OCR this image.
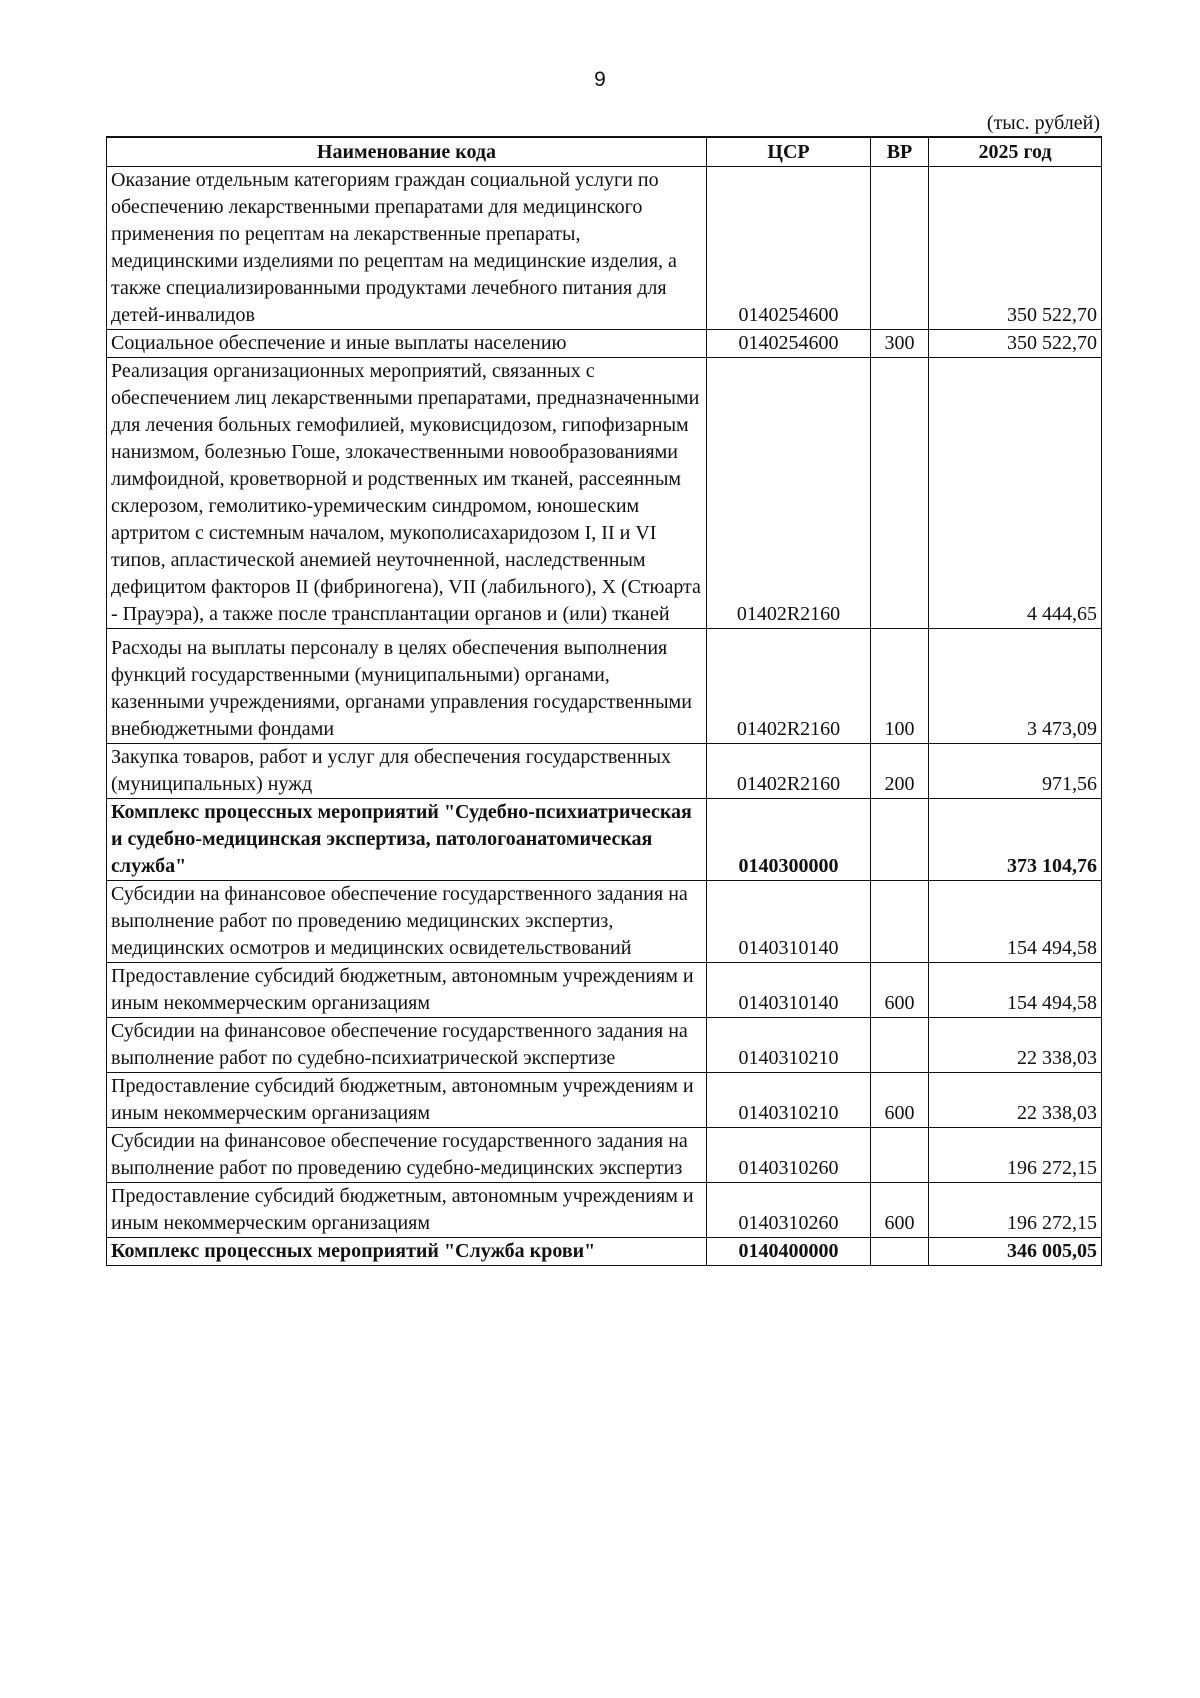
9
(тыс. рублей)
Наименование кода	ЦСР	ВР	2025 год
Оказание отдельным категориям граждан социальной услуги по обеспечению лекарственными препаратами для медицинского применения по рецептам на лекарственные препараты, медицинскими изделиями по рецептам на медицинские изделия, а также специализированными продуктами лечебного питания для детей-инвалидов	0140254600		350 522,70
Социальное обеспечение и иные выплаты населению	0140254600	300	350 522,70
Реализация организационных мероприятий, связанных с обеспечением лиц лекарственными препаратами, предназначенными для лечения больных гемофилией, муковисцидозом, гипофизарным нанизмом, болезнью Гоше, злокачественными новообразованиями лимфоидной, кроветворной и родственных им тканей, рассеянным склерозом, гемолитико-уремическим синдромом, юношеским артритом с системным началом, мукополисахаридозом I, II и VI типов, апластической анемией неуточненной, наследственным дефицитом факторов II (фибриногена), VII (лабильного), X (Стюарта - Прауэра), а также после трансплантации органов и (или) тканей	01402R2160		4 444,65
Расходы на выплаты персоналу в целях обеспечения выполнения функций государственными (муниципальными) органами, казенными учреждениями, органами управления государственными внебюджетными фондами	01402R2160	100	3 473,09
Закупка товаров, работ и услуг для обеспечения государственных (муниципальных) нужд	01402R2160	200	971,56
Комплекс процессных мероприятий "Судебно-психиатрическая и судебно-медицинская экспертиза, патологоанатомическая служба"	0140300000		373 104,76
Субсидии на финансовое обеспечение государственного задания на выполнение работ по проведению медицинских экспертиз, медицинских осмотров и медицинских освидетельствований	0140310140		154 494,58
Предоставление субсидий бюджетным, автономным учреждениям и иным некоммерческим организациям	0140310140	600	154 494,58
Субсидии на финансовое обеспечение государственного задания на выполнение работ по судебно-психиатрической экспертизе	0140310210		22 338,03
Предоставление субсидий бюджетным, автономным учреждениям и иным некоммерческим организациям	0140310210	600	22 338,03
Субсидии на финансовое обеспечение государственного задания на выполнение работ по проведению судебно-медицинских экспертиз	0140310260		196 272,15
Предоставление субсидий бюджетным, автономным учреждениям и иным некоммерческим организациям	0140310260	600	196 272,15
Комплекс процессных мероприятий "Служба крови"	0140400000		346 005,05
